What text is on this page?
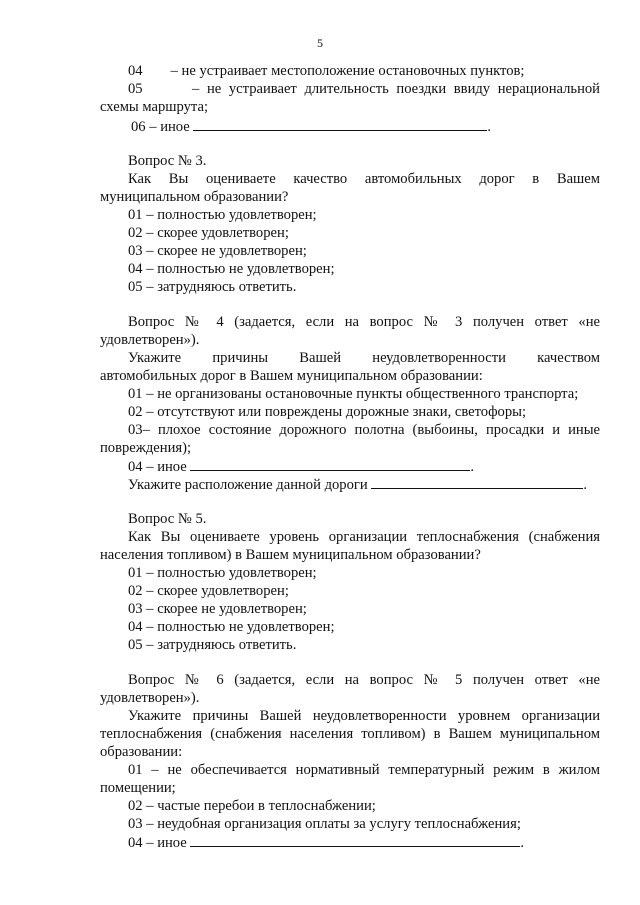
5
04 – не устраивает местоположение остановочных пунктов;
05	– не устраивает длительность поездки ввиду нерациональной
схемы маршрута;
06 – иное	.
Вопрос № 3.
Как Вы оцениваете качество автомобильных дорог в Вашем
муниципальном образовании?
01 – полностью удовлетворен;
02 – скорее удовлетворен;
03 – скорее не удовлетворен;
04 – полностью не удовлетворен;
05 – затрудняюсь ответить.
Вопрос № 4 (задается, если на вопрос № 3 получен ответ «не
удовлетворен»).
Укажите причины Вашей неудовлетворенности качеством
автомобильных дорог в Вашем муниципальном образовании:
01 – не организованы остановочные пункты общественного транспорта;
02 – отсутствуют или повреждены дорожные знаки, светофоры;
03– плохое состояние дорожного полотна (выбоины, просадки и иные
повреждения);
04 – иное	.
Укажите расположение данной дороги	.
Вопрос № 5.
Как Вы оцениваете уровень организации теплоснабжения (снабжения
населения топливом) в Вашем муниципальном образовании?
01 – полностью удовлетворен;
02 – скорее удовлетворен;
03 – скорее не удовлетворен;
04 – полностью не удовлетворен;
05 – затрудняюсь ответить.
Вопрос № 6 (задается, если на вопрос № 5 получен ответ «не
удовлетворен»).
Укажите причины Вашей неудовлетворенности уровнем организации
теплоснабжения (снабжения населения топливом) в Вашем муниципальном
образовании:
01 – не обеспечивается нормативный температурный режим в жилом
помещении;
02 – частые перебои в теплоснабжении;
03 – неудобная организация оплаты за услугу теплоснабжения;
04 – иное	.
